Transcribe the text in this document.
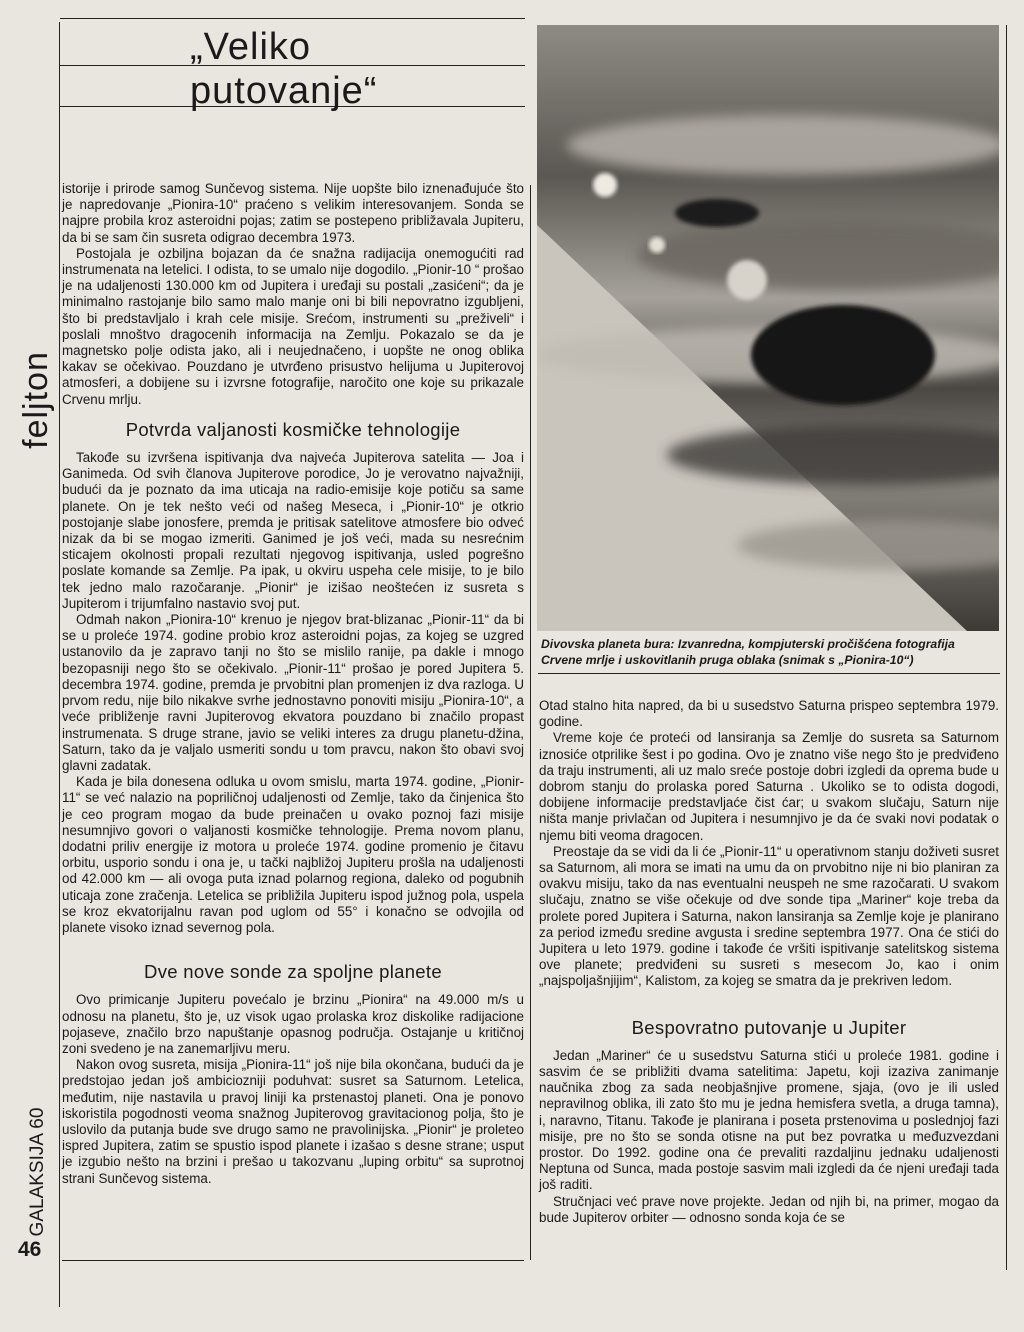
feljton
GALAKSIJA 60
46
„Veliko
putovanje“

istorije i prirode samog Sunčevog sistema. Nije uopšte bilo iznenađujuće što je napredovanje „Pionira-10“ praćeno s velikim interesovanjem. Sonda se najpre probila kroz asteroidni pojas; zatim se postepeno približavala Jupiteru, da bi se sam čin susreta odigrao decembra 1973.

Postojala je ozbiljna bojazan da će snažna radijacija onemogućiti rad instrumenata na letelici. I odista, to se umalo nije dogodilo. „Pionir-10 “ prošao je na udaljenosti 130.000 km od Jupitera i uređaji su postali „zasićeni“; da je minimalno rastojanje bilo samo malo manje oni bi bili nepovratno izgubljeni, što bi predstavljalo i krah cele misije. Srećom, instrumenti su „preživeli“ i poslali mnoštvo dragocenih informacija na Zemlju. Pokazalo se da je magnetsko polje odista jako, ali i neujednačeno, i uopšte ne onog oblika kakav se očekivao. Pouzdano je utvrđeno prisustvo helijuma u Jupiterovoj atmosferi, a dobijene su i izvrsne fotografije, naročito one koje su prikazale Crvenu mrlju.

Potvrda valjanosti kosmičke tehnologije

Takođe su izvršena ispitivanja dva najveća Jupiterova satelita — Joa i Ganimeda. Od svih članova Jupiterove porodice, Jo je verovatno najvažniji, budući da je poznato da ima uticaja na radio-emisije koje potiču sa same planete. On je tek nešto veći od našeg Meseca, i „Pionir-10“ je otkrio postojanje slabe jonosfere, premda je pritisak satelitove atmosfere bio odveć nizak da bi se mogao izmeriti. Ganimed je još veći, mada su nesrećnim sticajem okolnosti propali rezultati njegovog ispitivanja, usled pogrešno poslate komande sa Zemlje. Pa ipak, u okviru uspeha cele misije, to je bilo tek jedno malo razočaranje. „Pionir“ je izišao neoštećen iz susreta s Jupiterom i trijumfalno nastavio svoj put.

Odmah nakon „Pionira-10“ krenuo je njegov brat-blizanac „Pionir-11“ da bi se u proleće 1974. godine probio kroz asteroidni pojas, za kojeg se uzgred ustanovilo da je zapravo tanji no što se mislilo ranije, pa dakle i mnogo bezopasniji nego što se očekivalo. „Pionir-11“ prošao je pored Jupitera 5. decembra 1974. godine, premda je prvobitni plan promenjen iz dva razloga. U prvom redu, nije bilo nikakve svrhe jednostavno ponoviti misiju „Pionira-10“, a veće približenje ravni Jupiterovog ekvatora pouzdano bi značilo propast instrumenata. S druge strane, javio se veliki interes za drugu planetu-džina, Saturn, tako da je valjalo usmeriti sondu u tom pravcu, nakon što obavi svoj glavni zadatak.

Kada je bila donesena odluka u ovom smislu, marta 1974. godine, „Pionir-11“ se već nalazio na popriličnoj udaljenosti od Zemlje, tako da činjenica što je ceo program mogao da bude preinačen u ovako poznoj fazi misije nesumnjivo govori o valjanosti kosmičke tehnologije. Prema novom planu, dodatni priliv energije iz motora u proleće 1974. godine promenio je čitavu orbitu, usporio sondu i ona je, u tački najbližoj Jupiteru prošla na udaljenosti od 42.000 km — ali ovoga puta iznad polarnog regiona, daleko od pogubnih uticaja zone zračenja. Letelica se približila Jupiteru ispod južnog pola, uspela se kroz ekvatorijalnu ravan pod uglom od 55° i konačno se odvojila od planete visoko iznad severnog pola.

Dve nove sonde za spoljne planete

Ovo primicanje Jupiteru povećalo je brzinu „Pionira“ na 49.000 m/s u odnosu na planetu, što je, uz visok ugao prolaska kroz diskolike radijacione pojaseve, značilo brzo napuštanje opasnog područja. Ostajanje u kritičnoj zoni svedeno je na zanemarljivu meru.

Nakon ovog susreta, misija „Pionira-11“ još nije bila okončana, budući da je predstojao jedan još ambiciozniji poduhvat: susret sa Saturnom. Letelica, međutim, nije nastavila u pravoj liniji ka prstenastoj planeti. Ona je ponovo iskoristila pogodnosti veoma snažnog Jupiterovog gravitacionog polja, što je uslovilo da putanja bude sve drugo samo ne pravolinijska. „Pionir“ je proleteo ispred Jupitera, zatim se spustio ispod planete i izašao s desne strane; usput je izgubio nešto na brzini i prešao u takozvanu „luping orbitu“ sa suprotnoj strani Sunčevog sistema.

Divovska planeta bura: Izvanredna, kompjuterski pročišćena fotografija Crvene mrlje i uskovitlanih pruga oblaka (snimak s „Pionira-10“)

Otad stalno hita napred, da bi u susedstvo Saturna prispeo septembra 1979. godine.

Vreme koje će proteći od lansiranja sa Zemlje do susreta sa Saturnom iznosiće otprilike šest i po godina. Ovo je znatno više nego što je predviđeno da traju instrumenti, ali uz malo sreće postoje dobri izgledi da oprema bude u dobrom stanju do prolaska pored Saturna . Ukoliko se to odista dogodi, dobijene informacije predstavljaće čist ćar; u svakom slučaju, Saturn nije ništa manje privlačan od Jupitera i nesumnjivo je da će svaki novi podatak o njemu biti veoma dragocen.

Preostaje da se vidi da li će „Pionir-11“ u operativnom stanju doživeti susret sa Saturnom, ali mora se imati na umu da on prvobitno nije ni bio planiran za ovakvu misiju, tako da nas eventualni neuspeh ne sme razočarati. U svakom slučaju, znatno se više očekuje od dve sonde tipa „Mariner“ koje treba da prolete pored Jupitera i Saturna, nakon lansiranja sa Zemlje koje je planirano za period između sredine avgusta i sredine septembra 1977. Ona će stići do Jupitera u leto 1979. godine i takođe će vršiti ispitivanje satelitskog sistema ove planete; predviđeni su susreti s mesecom Jo, kao i onim „najspoljašnjijim“, Kalistom, za kojeg se smatra da je prekriven ledom.

Bespovratno putovanje u Jupiter

Jedan „Mariner“ će u susedstvu Saturna stići u proleće 1981. godine i sasvim će se približiti dvama satelitima: Japetu, koji izaziva zanimanje naučnika zbog za sada neobjašnjive promene, sjaja, (ovo je ili usled nepravilnog oblika, ili zato što mu je jedna hemisfera svetla, a druga tamna), i, naravno, Titanu. Takođe je planirana i poseta prstenovima u poslednjoj fazi misije, pre no što se sonda otisne na put bez povratka u međuzvezdani prostor. Do 1992. godine ona će prevaliti razdaljinu jednaku udaljenosti Neptuna od Sunca, mada postoje sasvim mali izgledi da će njeni uređaji tada još raditi.

Stručnjaci već prave nove projekte. Jedan od njih bi, na primer, mogao da bude Jupiterov orbiter — odnosno sonda koja će se
